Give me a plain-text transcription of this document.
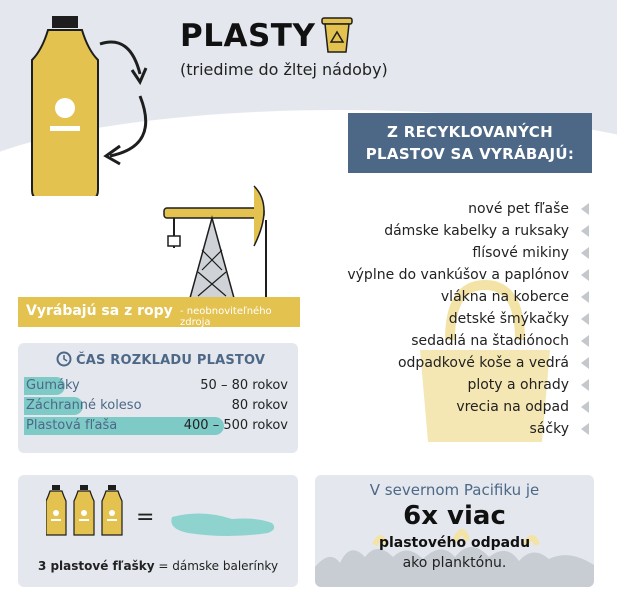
PLASTY
(triedime do žltej nádoby)
Z RECYKLOVANÝCH
PLASTOV SA VYRÁBAJÚ:
nové pet fľaše
dámske kabelky a ruksaky
flísové mikiny
výplne do vankúšov a paplónov
vlákna na koberce
detské šmýkačky
sedadlá na štadiónoch
odpadkové koše a vedrá
ploty a ohrady
vrecia na odpad
sáčky
Vyrábajú sa z ropy - neobnoviteľného zdroja
ČAS ROZKLADU PLASTOV
Gumáky	50 – 80 rokov
Záchranné koleso	80 rokov
Plastová fľaša	400 – 500 rokov
=
3 plastové fľašky = dámske balerínky
V severnom Pacifiku je
6x viac
plastového odpadu
ako planktónu.
